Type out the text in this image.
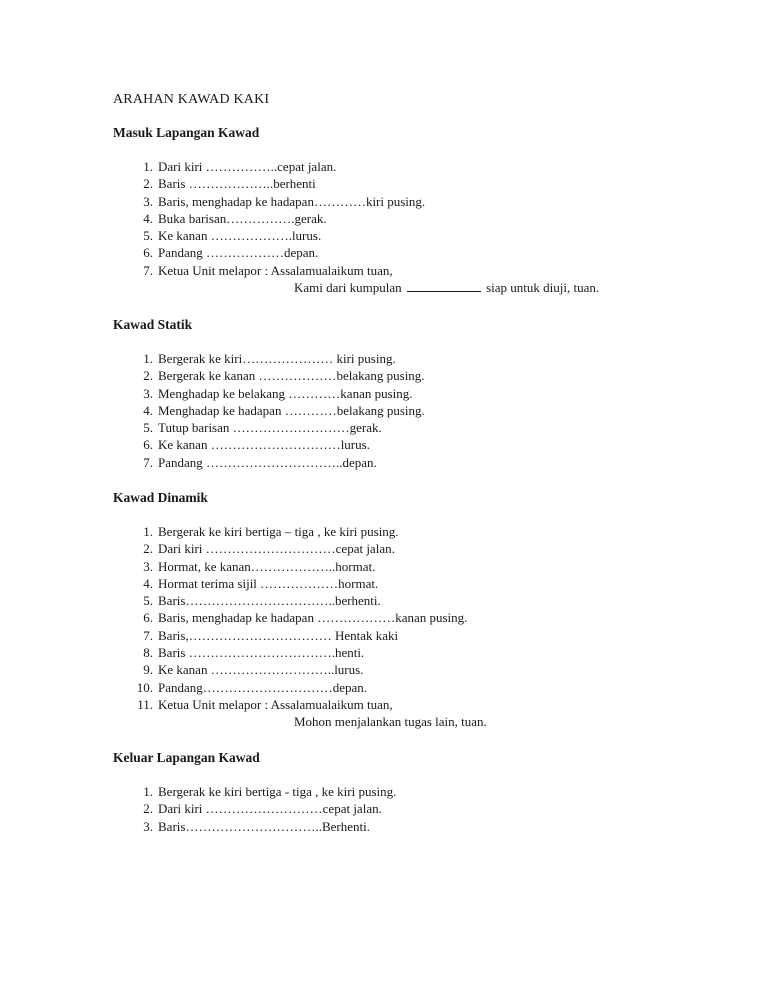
ARAHAN KAWAD KAKI
Masuk Lapangan Kawad
1. Dari kiri ……………..cepat jalan.
2. Baris ………………..berhenti
3. Baris, menghadap ke hadapan…………kiri pusing.
4. Buka barisan…………….gerak.
5. Ke kanan ……………….lurus.
6. Pandang ………………depan.
7. Ketua Unit melapor : Assalamualaikum tuan,
Kami dari kumpulan	siap untuk diuji, tuan.
Kawad Statik
1. Bergerak ke kiri………………… kiri pusing.
2. Bergerak ke kanan ………………belakang pusing.
3. Menghadap ke belakang …………kanan pusing.
4. Menghadap ke hadapan …………belakang pusing.
5. Tutup barisan ………………………gerak.
6. Ke kanan …………………………lurus.
7. Pandang …………………………..depan.
Kawad Dinamik
1. Bergerak ke kiri bertiga – tiga , ke kiri pusing.
2. Dari kiri …………………………cepat jalan.
3. Hormat, ke kanan………………..hormat.
4. Hormat terima sijil ………………hormat.
5. Baris……………………………..berhenti.
6. Baris, menghadap ke hadapan ………………kanan pusing.
7. Baris,…………………………… Hentak kaki
8. Baris …………………………….henti.
9. Ke kanan ………………………..lurus.
10. Pandang…………………………depan.
11. Ketua Unit melapor : Assalamualaikum tuan,
Mohon menjalankan tugas lain, tuan.
Keluar Lapangan Kawad
1. Bergerak ke kiri bertiga - tiga , ke kiri pusing.
2. Dari kiri ………………………cepat jalan.
3. Baris…………………………..Berhenti.
